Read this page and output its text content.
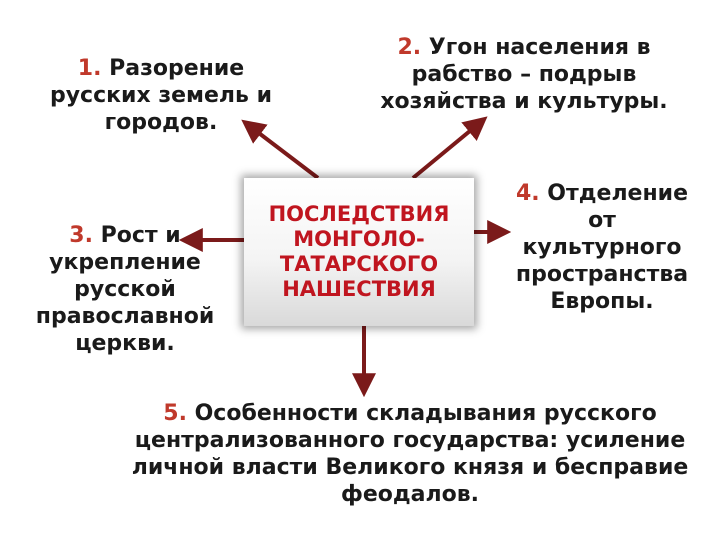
1. Разорение
русских земель и
городов.
2. Угон населения в
рабство – подрыв
хозяйства и культуры.
3. Рост и
укрепление
русской
православной
церкви.
4. Отделение
от
культурного
пространства
Европы.
5. Особенности складывания русского
централизованного государства: усиление
личной власти Великого князя и бесправие
феодалов.
ПОСЛЕДСТВИЯ
МОНГОЛО-
ТАТАРСКОГО
НАШЕСТВИЯ
